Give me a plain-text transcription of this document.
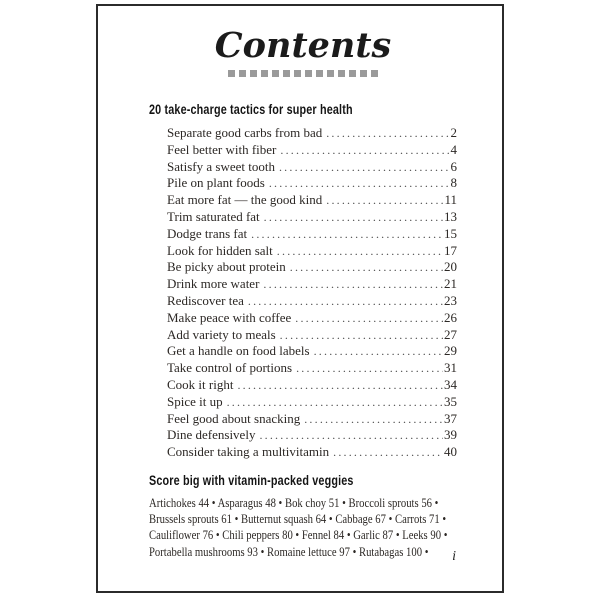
Contents
20 take-charge tactics for super health
Separate good carbs from bad .....	2
Feel better with fiber .....	4
Satisfy a sweet tooth .....	6
Pile on plant foods .....	8
Eat more fat — the good kind .....	11
Trim saturated fat .....	13
Dodge trans fat .....	15
Look for hidden salt .....	17
Be picky about protein .....	20
Drink more water .....	21
Rediscover tea .....	23
Make peace with coffee .....	26
Add variety to meals .....	27
Get a handle on food labels .....	29
Take control of portions .....	31
Cook it right .....	34
Spice it up .....	35
Feel good about snacking .....	37
Dine defensively .....	39
Consider taking a multivitamin .....	40
Score big with vitamin-packed veggies
Artichokes 44 • Asparagus 48 • Bok choy 51 • Broccoli sprouts 56 •
Brussels sprouts 61 • Butternut squash 64 • Cabbage 67 • Carrots 71 •
Cauliflower 76 • Chili peppers 80 • Fennel 84 • Garlic 87 • Leeks 90 •
Portabella mushrooms 93 • Romaine lettuce 97 • Rutabagas 100 • i
